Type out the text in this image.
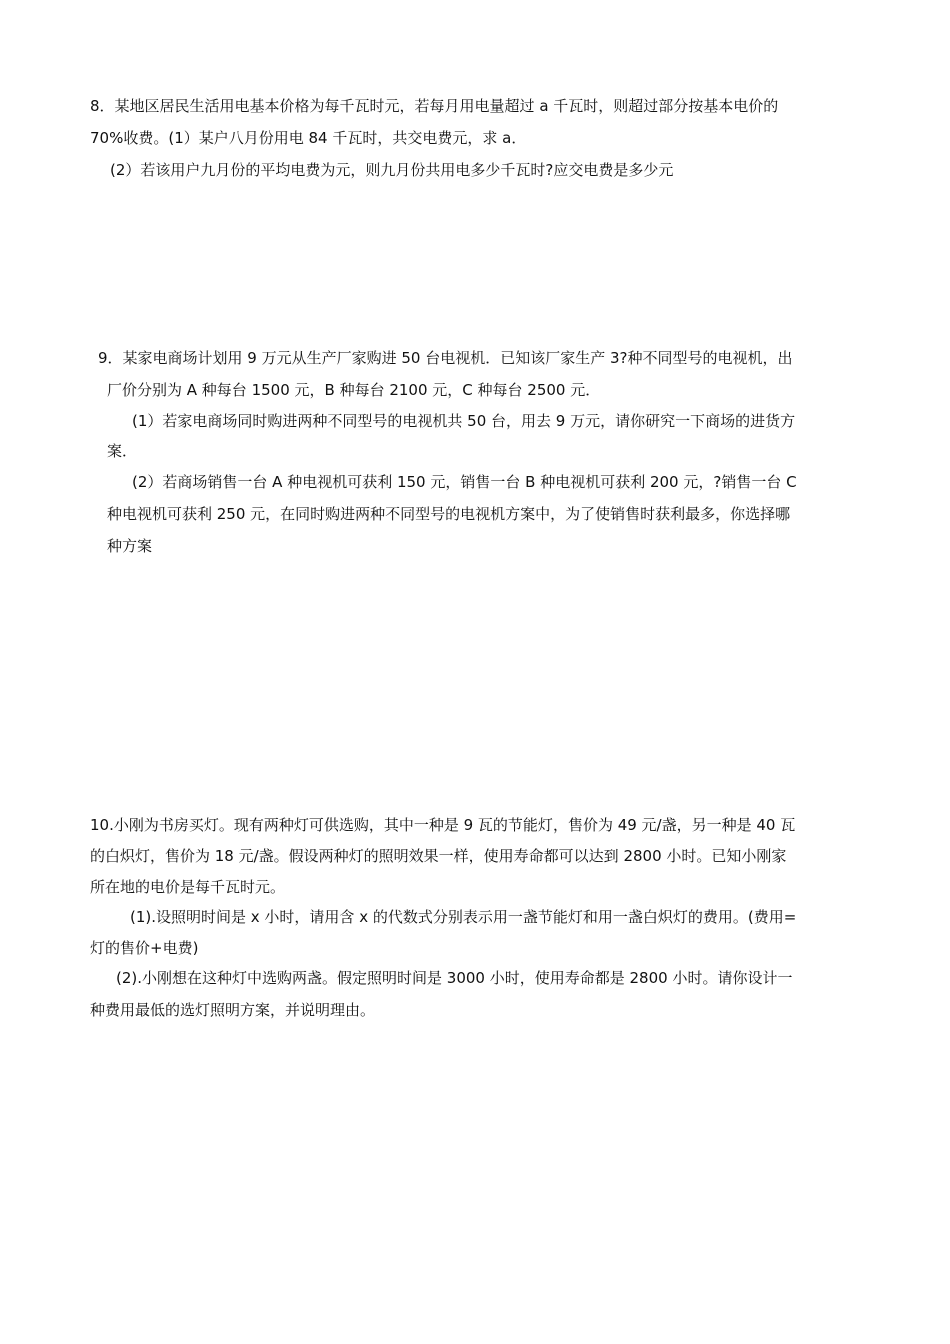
8．某地区居民生活用电基本价格为每千瓦时元，若每月用电量超过 a 千瓦时，则超过部分按基本电价的
70%收费。(1）某户八月份用电 84 千瓦时，共交电费元，求 a．
(2）若该用户九月份的平均电费为元，则九月份共用电多少千瓦时?应交电费是多少元
9．某家电商场计划用 9 万元从生产厂家购进 50 台电视机．已知该厂家生产 3?种不同型号的电视机，出
厂价分别为 A 种每台 1500 元，B 种每台 2100 元，C 种每台 2500 元．
(1）若家电商场同时购进两种不同型号的电视机共 50 台，用去 9 万元，请你研究一下商场的进货方
案．
(2）若商场销售一台 A 种电视机可获利 150 元，销售一台 B 种电视机可获利 200 元，?销售一台 C
种电视机可获利 250 元，在同时购进两种不同型号的电视机方案中，为了使销售时获利最多，你选择哪
种方案
10.小刚为书房买灯。现有两种灯可供选购，其中一种是 9 瓦的节能灯，售价为 49 元/盏，另一种是 40 瓦
的白炽灯，售价为 18 元/盏。假设两种灯的照明效果一样，使用寿命都可以达到 2800 小时。已知小刚家
所在地的电价是每千瓦时元。
(1).设照明时间是 x 小时，请用含 x 的代数式分别表示用一盏节能灯和用一盏白炽灯的费用。(费用=
灯的售价+电费)
(2).小刚想在这种灯中选购两盏。假定照明时间是 3000 小时，使用寿命都是 2800 小时。请你设计一
种费用最低的选灯照明方案，并说明理由。
